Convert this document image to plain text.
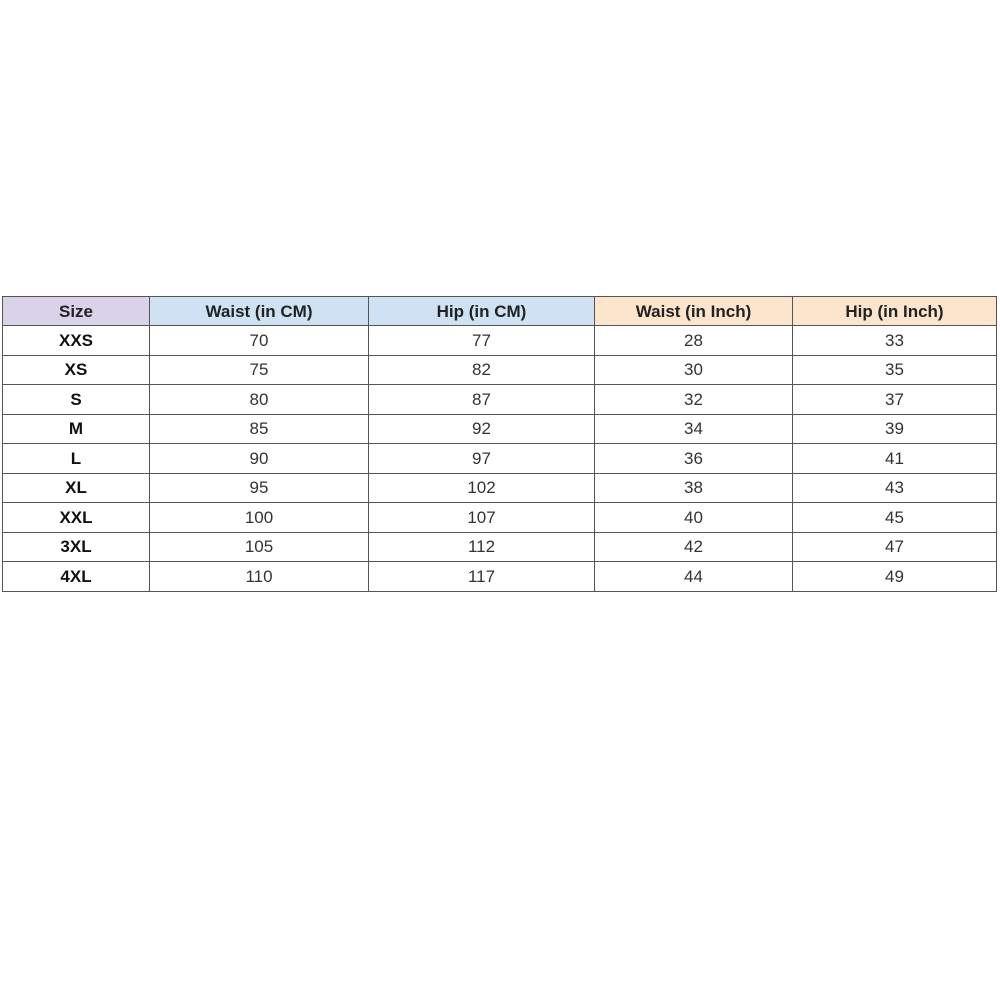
Size	Waist (in CM)	Hip (in CM)	Waist (in Inch)	Hip (in Inch)
XXS	70	77	28	33
XS	75	82	30	35
S	80	87	32	37
M	85	92	34	39
L	90	97	36	41
XL	95	102	38	43
XXL	100	107	40	45
3XL	105	112	42	47
4XL	110	117	44	49
